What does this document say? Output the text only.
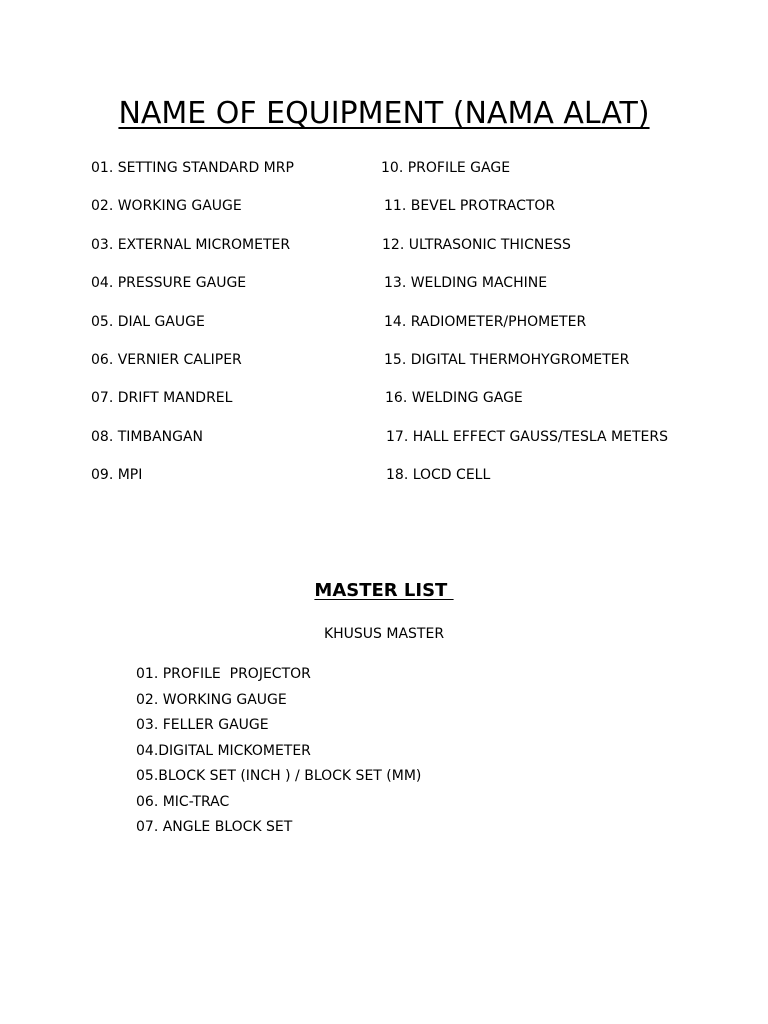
NAME OF EQUIPMENT (NAMA ALAT)
01. SETTING STANDARD MRP
02. WORKING GAUGE
03. EXTERNAL MICROMETER
04. PRESSURE GAUGE
05. DIAL GAUGE
06. VERNIER CALIPER
07. DRIFT MANDREL
08. TIMBANGAN
09. MPI
10. PROFILE GAGE
11. BEVEL PROTRACTOR
12. ULTRASONIC THICNESS
13. WELDING MACHINE
14. RADIOMETER/PHOMETER
15. DIGITAL THERMOHYGROMETER
16. WELDING GAGE
17. HALL EFFECT GAUSS/TESLA METERS
18. LOCD CELL
MASTER LIST
KHUSUS MASTER
01. PROFILE  PROJECTOR
02. WORKING GAUGE
03. FELLER GAUGE
04.DIGITAL MICKOMETER
05.BLOCK SET (INCH ) / BLOCK SET (MM)
06. MIC-TRAC
07. ANGLE BLOCK SET
